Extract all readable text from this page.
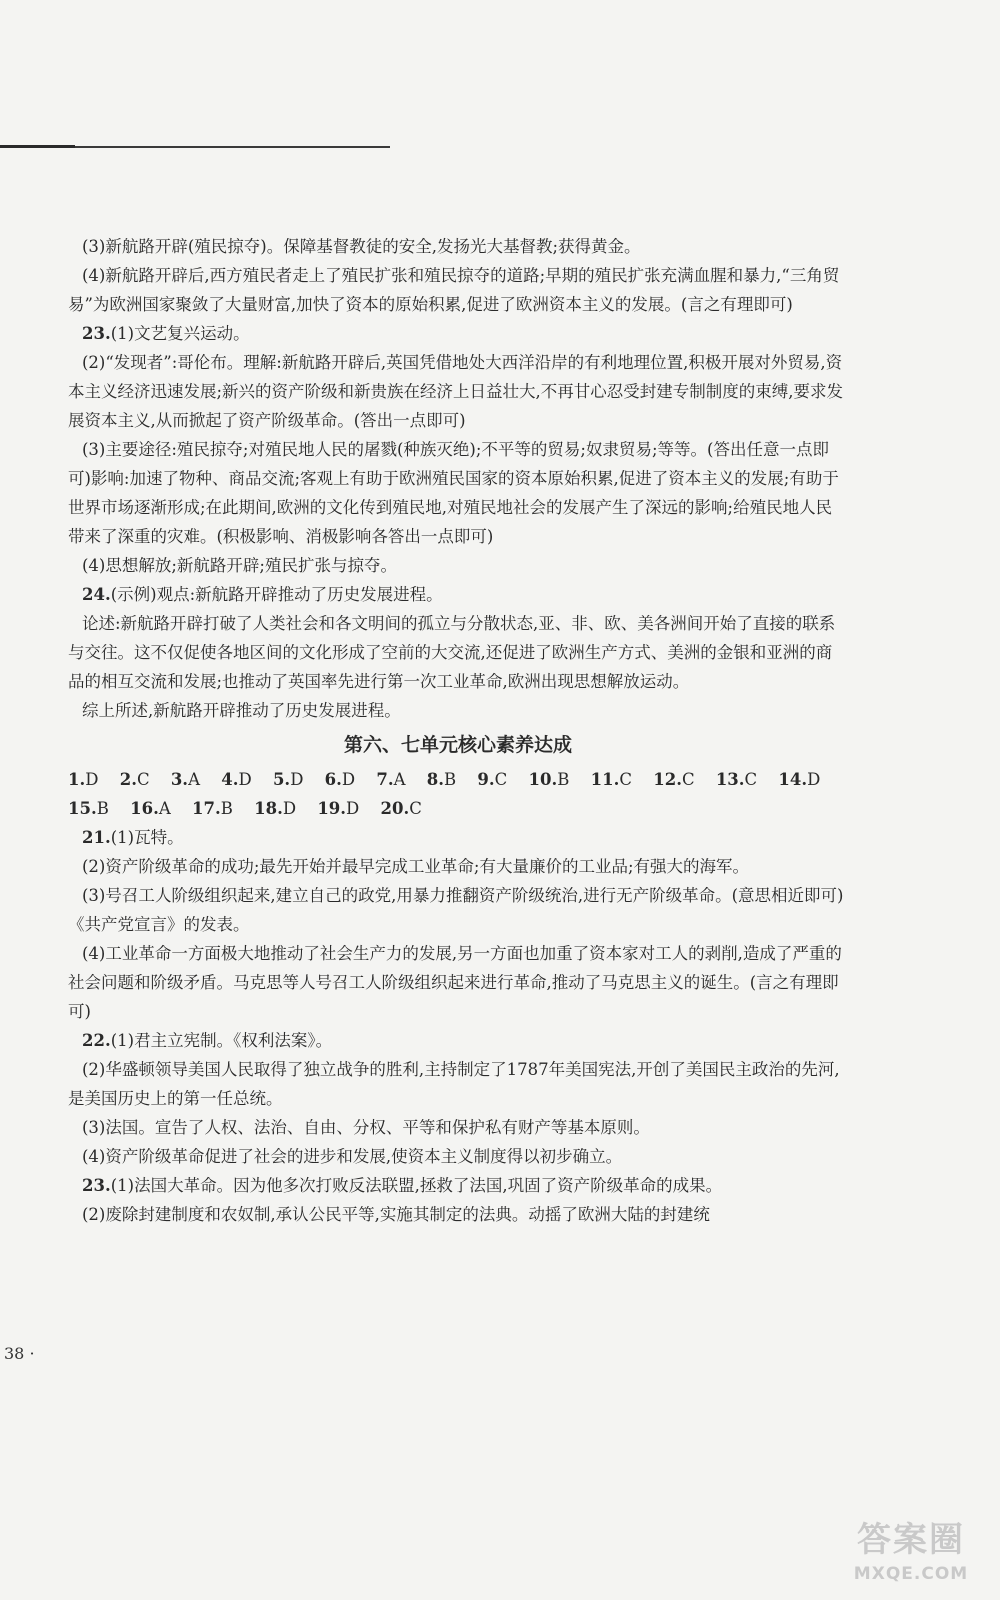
(3)新航路开辟(殖民掠夺)。保障基督教徒的安全,发扬光大基督教;获得黄金。

(4)新航路开辟后,西方殖民者走上了殖民扩张和殖民掠夺的道路;早期的殖民扩张充满血腥和暴力,“三角贸易”为欧洲国家聚敛了大量财富,加快了资本的原始积累,促进了欧洲资本主义的发展。(言之有理即可)

23.(1)文艺复兴运动。

(2)“发现者”:哥伦布。理解:新航路开辟后,英国凭借地处大西洋沿岸的有利地理位置,积极开展对外贸易,资本主义经济迅速发展;新兴的资产阶级和新贵族在经济上日益壮大,不再甘心忍受封建专制制度的束缚,要求发展资本主义,从而掀起了资产阶级革命。(答出一点即可)

(3)主要途径:殖民掠夺;对殖民地人民的屠戮(种族灭绝);不平等的贸易;奴隶贸易;等等。(答出任意一点即可)影响:加速了物种、商品交流;客观上有助于欧洲殖民国家的资本原始积累,促进了资本主义的发展;有助于世界市场逐渐形成;在此期间,欧洲的文化传到殖民地,对殖民地社会的发展产生了深远的影响;给殖民地人民带来了深重的灾难。(积极影响、消极影响各答出一点即可)

(4)思想解放;新航路开辟;殖民扩张与掠夺。

24.(示例)观点:新航路开辟推动了历史发展进程。

论述:新航路开辟打破了人类社会和各文明间的孤立与分散状态,亚、非、欧、美各洲间开始了直接的联系与交往。这不仅促使各地区间的文化形成了空前的大交流,还促进了欧洲生产方式、美洲的金银和亚洲的商品的相互交流和发展;也推动了英国率先进行第一次工业革命,欧洲出现思想解放运动。

综上所述,新航路开辟推动了历史发展进程。

第六、七单元核心素养达成
1.D 2.C 3.A 4.D 5.D 6.D 7.A 8.B 9.C 10.B 11.C 12.C 13.C 14.D 15.B 16.A 17.B 18.D 19.D 20.C

21.(1)瓦特。

(2)资产阶级革命的成功;最先开始并最早完成工业革命;有大量廉价的工业品;有强大的海军。

(3)号召工人阶级组织起来,建立自己的政党,用暴力推翻资产阶级统治,进行无产阶级革命。(意思相近即可)《共产党宣言》的发表。

(4)工业革命一方面极大地推动了社会生产力的发展,另一方面也加重了资本家对工人的剥削,造成了严重的社会问题和阶级矛盾。马克思等人号召工人阶级组织起来进行革命,推动了马克思主义的诞生。(言之有理即可)

22.(1)君主立宪制。《权利法案》。

(2)华盛顿领导美国人民取得了独立战争的胜利,主持制定了1787年美国宪法,开创了美国民主政治的先河,是美国历史上的第一任总统。

(3)法国。宣告了人权、法治、自由、分权、平等和保护私有财产等基本原则。

(4)资产阶级革命促进了社会的进步和发展,使资本主义制度得以初步确立。

23.(1)法国大革命。因为他多次打败反法联盟,拯救了法国,巩固了资产阶级革命的成果。

(2)废除封建制度和农奴制,承认公民平等,实施其制定的法典。动摇了欧洲大陆的封建统

38 ·
答案圈
MXQE.COM
